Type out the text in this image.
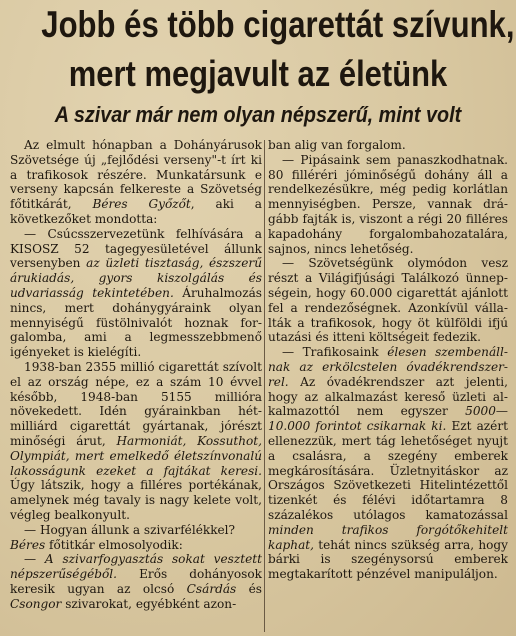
Jobb és több cigarettát szívunk,
mert megjavult az életünk
A szivar már nem olyan népszerű, mint volt

Az elmult hónapban a Dohányárusok Szövetsége új „fejlődési verseny"-t írt ki a trafikosok részére. Munkatársunk e verseny kapcsán felkereste a Szövetség főtitkárát, Béres Győzőt, aki a következőket mondotta:

— Csúcsszervezetünk felhívására a KISOSZ 52 tagegyesületével állunk versenyben az üzleti tisztaság, észszerű árukiadás, gyors kiszolgálás és udvariasság tekintetében. Áruhalmozás nincs, mert dohánygyáraink olyan mennyiségű füstölnivalót hoznak forgalomba, ami a legmesszebbmenő igényeket is kielégíti.

1938-ban 2355 millió cigarettát szívolt el az ország népe, ez a szám 10 évvel később, 1948-ban 5155 millióra növekedett. Idén gyárainkban hétmilliárd cigarettát gyártanak, jórészt minőségi árut, Harmoniát, Kossuthot, Olympiát, mert emelkedő életszínvonalú lakosságunk ezeket a fajtákat keresi. Úgy látszik, hogy a filléres portékának, amelynek még tavaly is nagy kelete volt, végleg bealkonyult.

— Hogyan állunk a szivarfélékkel?

Béres főtitkár elmosolyodik:

— A szivarfogyasztás sokat vesztett népszerűségéből. Erős dohányosok keresik ugyan az olcsó Csárdás és Csongor szivarokat, egyébként azon-

ban alig van forgalom.

— Pipásaink sem panaszkodhatnak. 80 filléréri jóminőségű dohány áll a rendelkezésükre, még pedig korlátlan mennyiségben. Persze, vannak drágább fajták is, viszont a régi 20 filléres kapadohány forgalombahozatalára, sajnos, nincs lehetőség.

— Szövetségünk olymódon vesz részt a Világifjúsági Találkozó ünnepségein, hogy 60.000 cigarettát ajánlott fel a rendezőségnek. Azonkívül vállalták a trafikosok, hogy öt külföldi ifjú utazási és itteni költségeit fedezik.

— Trafikosaink élesen szembenállnak az erkölcstelen óvadékrendszerrel. Az óvadékrendszer azt jelenti, hogy az alkalmazást kereső üzleti alkalmazottól nem egyszer 5000—10.000 forintot csikarnak ki. Ezt azért ellenezzük, mert tág lehetőséget nyujt a csalásra, a szegény emberek megkárosítására. Üzletnyitáskor az Országos Szövetkezeti Hitelintézettől tizenkét és félévi időtartamra 8 százalékos utólagos kamatozással minden trafikos forgótőkehitelt kaphat, tehát nincs szükség arra, hogy bárki is szegénysorsú emberek megtakarított pénzével manipuláljon.
